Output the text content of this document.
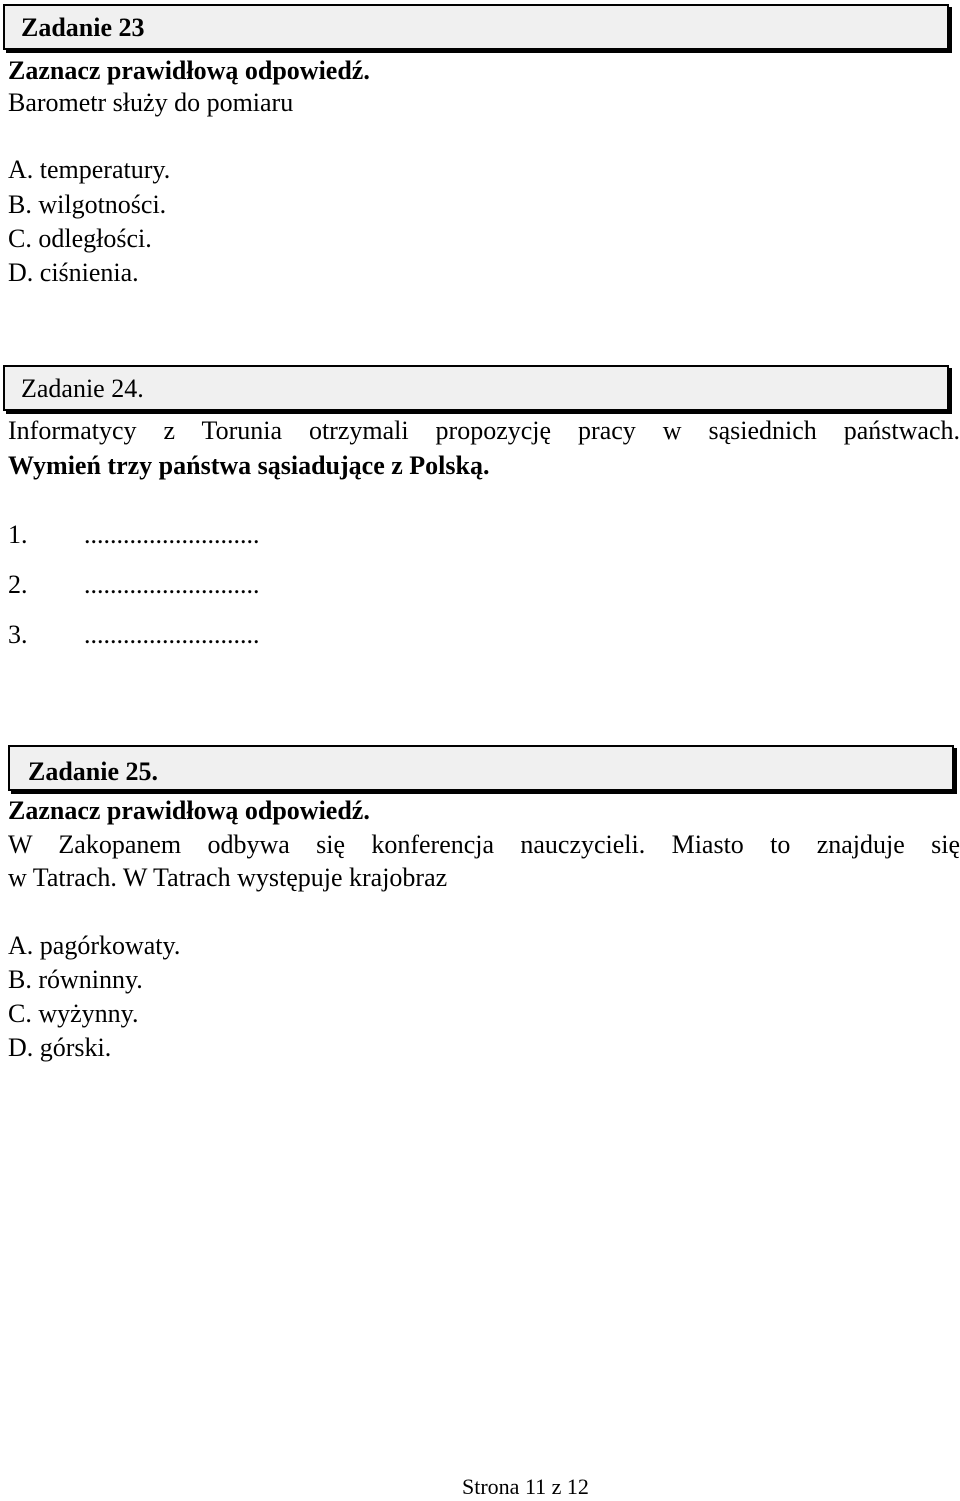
Zadanie 23
Zaznacz prawidłową odpowiedź.
Barometr służy do pomiaru
A. temperatury.
B. wilgotności.
C. odległości.
D. ciśnienia.
Zadanie 24.
Informatycy z Torunia otrzymali propozycję pracy w sąsiednich państwach.
Wymień trzy państwa sąsiadujące z Polską.
1. ...........................
2. ...........................
3. ...........................
Zadanie 25.
Zaznacz prawidłową odpowiedź.
W Zakopanem odbywa się konferencja nauczycieli. Miasto to znajduje się
w Tatrach. W Tatrach występuje krajobraz
A. pagórkowaty.
B. równinny.
C. wyżynny.
D. górski.
Strona 11 z 12
